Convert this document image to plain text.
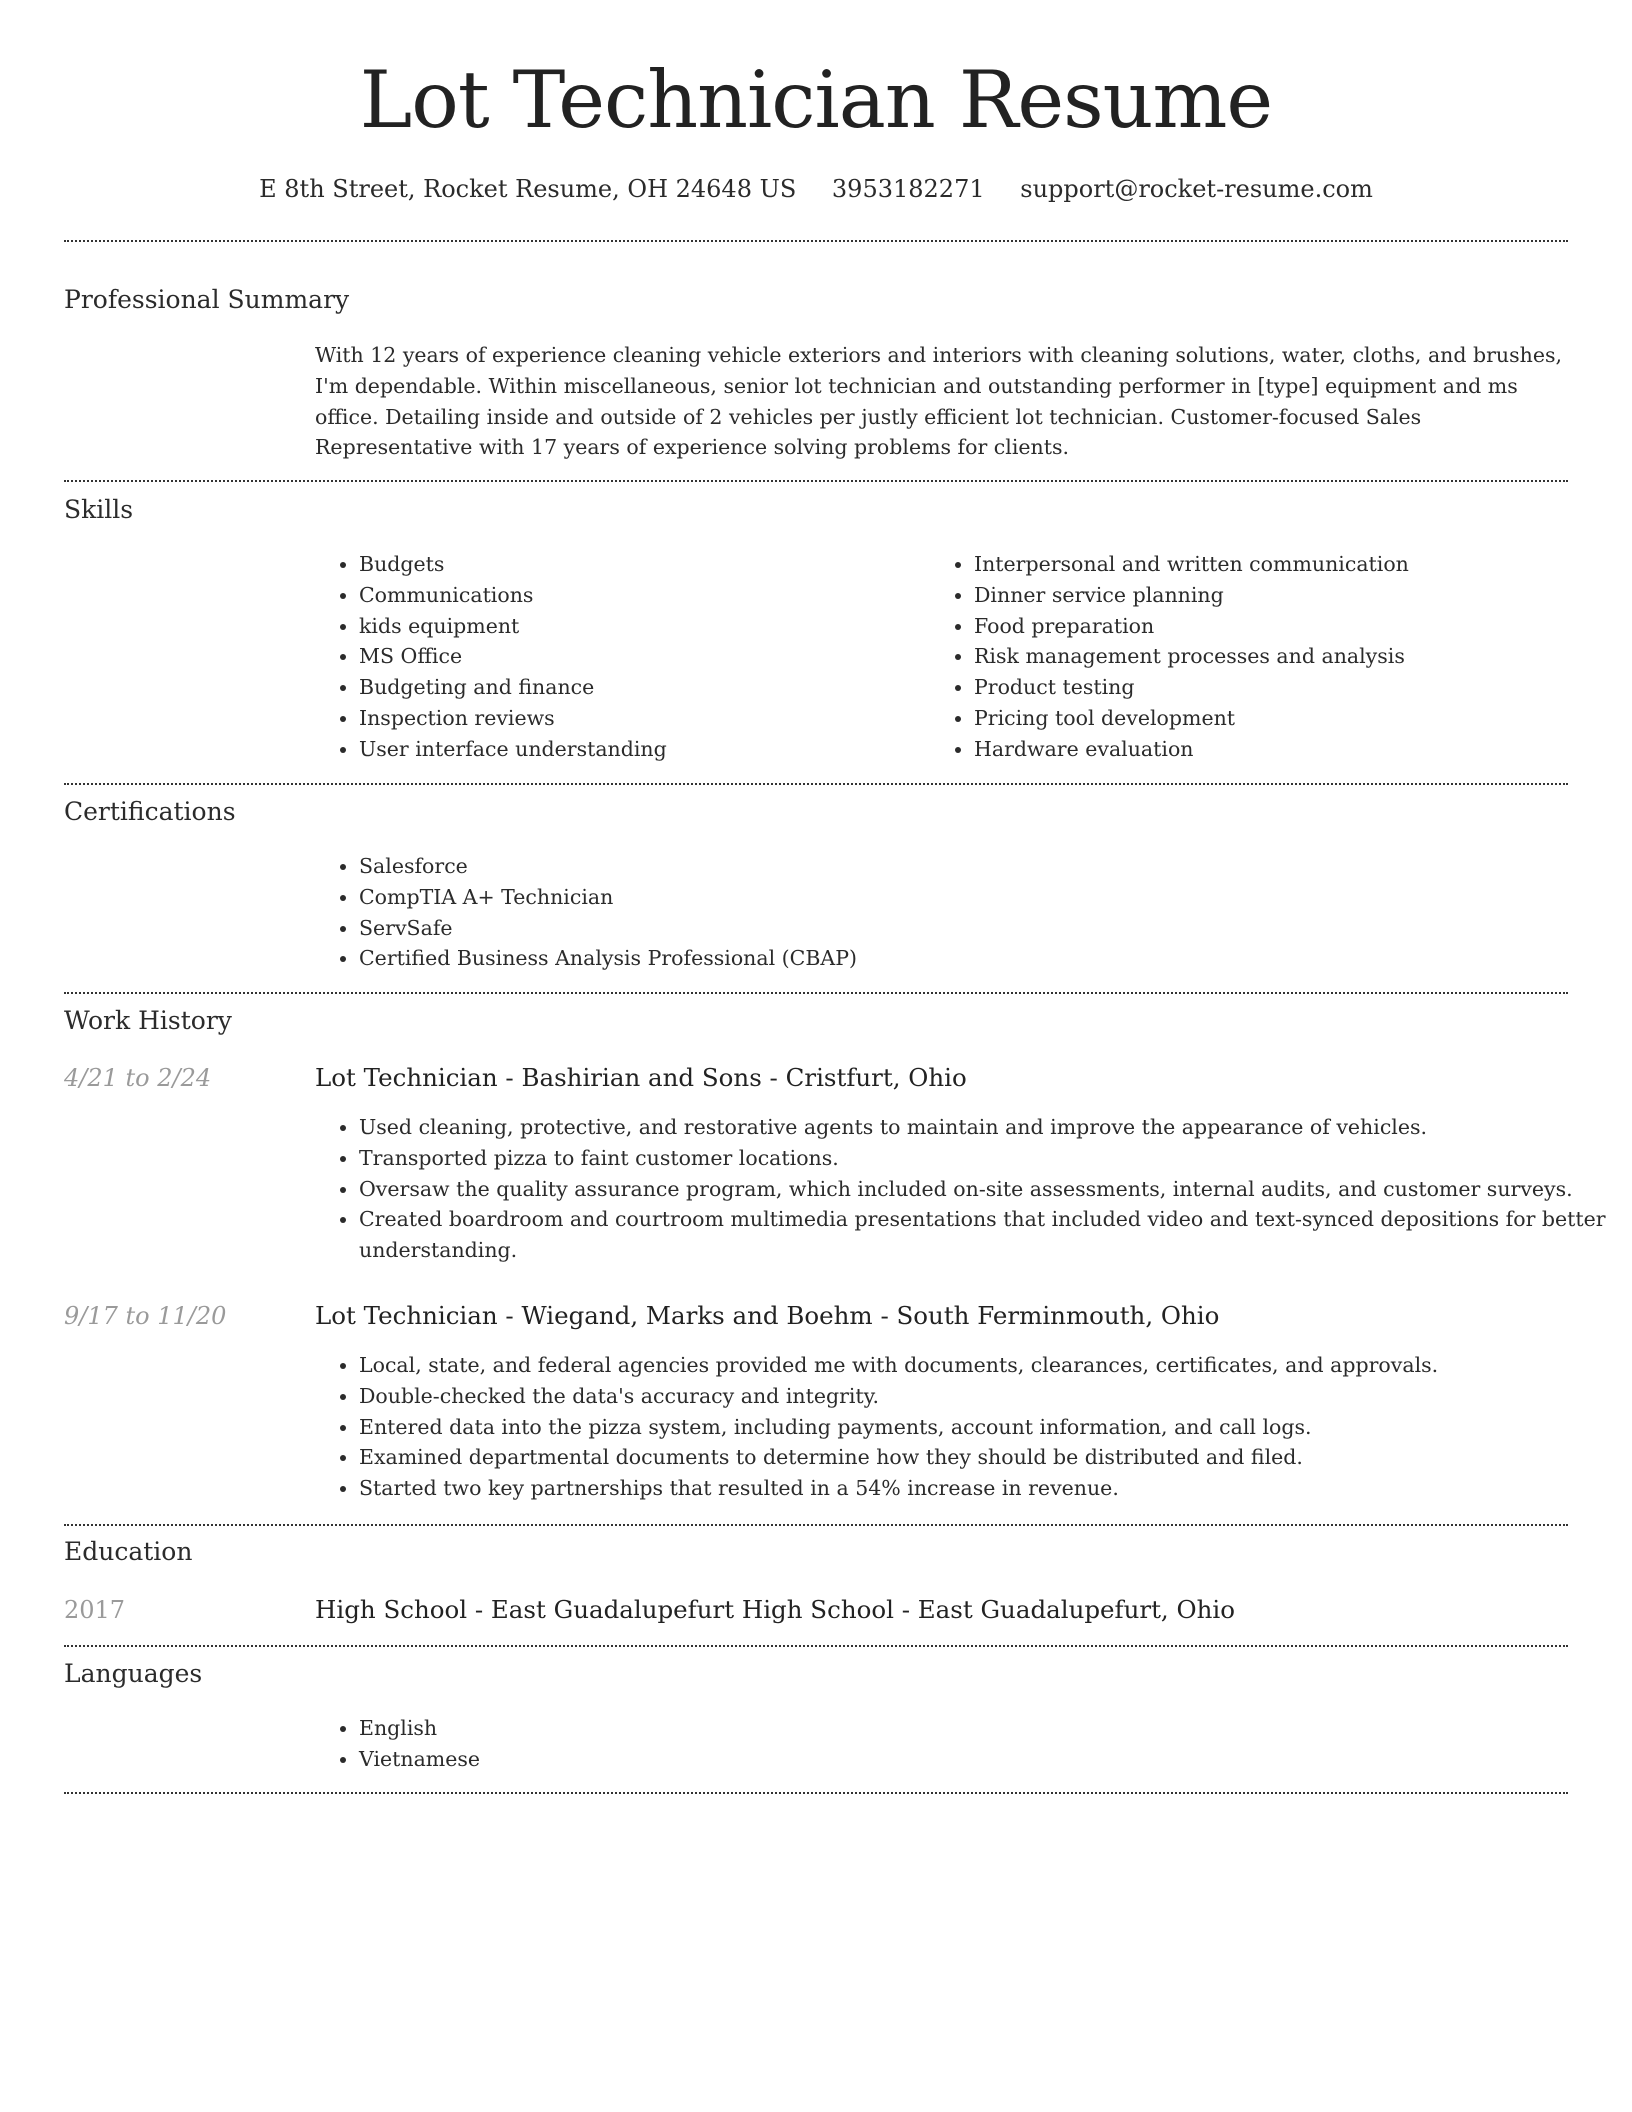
Lot Technician Resume
E 8th Street, Rocket Resume, OH 24648 US 3953182271 support@rocket-resume.com
Professional Summary

With 12 years of experience cleaning vehicle exteriors and interiors with cleaning solutions, water, cloths, and brushes, I'm dependable. Within miscellaneous, senior lot technician and outstanding performer in [type] equipment and ms office. Detailing inside and outside of 2 vehicles per justly efficient lot technician. Customer-focused Sales Representative with 17 years of experience solving problems for clients.

Skills
• Budgets
• Communications
• kids equipment
• MS Office
• Budgeting and finance
• Inspection reviews
• User interface understanding
• Interpersonal and written communication
• Dinner service planning
• Food preparation
• Risk management processes and analysis
• Product testing
• Pricing tool development
• Hardware evaluation
Certifications
• Salesforce
• CompTIA A+ Technician
• ServSafe
• Certified Business Analysis Professional (CBAP)
Work History
4/21 to 2/24	Lot Technician - Bashirian and Sons - Cristfurt, Ohio
• Used cleaning, protective, and restorative agents to maintain and improve the appearance of vehicles.
• Transported pizza to faint customer locations.
• Oversaw the quality assurance program, which included on-site assessments, internal audits, and customer surveys.
• Created boardroom and courtroom multimedia presentations that included video and text-synced depositions for better understanding.
9/17 to 11/20	Lot Technician - Wiegand, Marks and Boehm - South Ferminmouth, Ohio
• Local, state, and federal agencies provided me with documents, clearances, certificates, and approvals.
• Double-checked the data's accuracy and integrity.
• Entered data into the pizza system, including payments, account information, and call logs.
• Examined departmental documents to determine how they should be distributed and filed.
• Started two key partnerships that resulted in a 54% increase in revenue.
Education
2017	High School - East Guadalupefurt High School - East Guadalupefurt, Ohio
Languages
• English
• Vietnamese
